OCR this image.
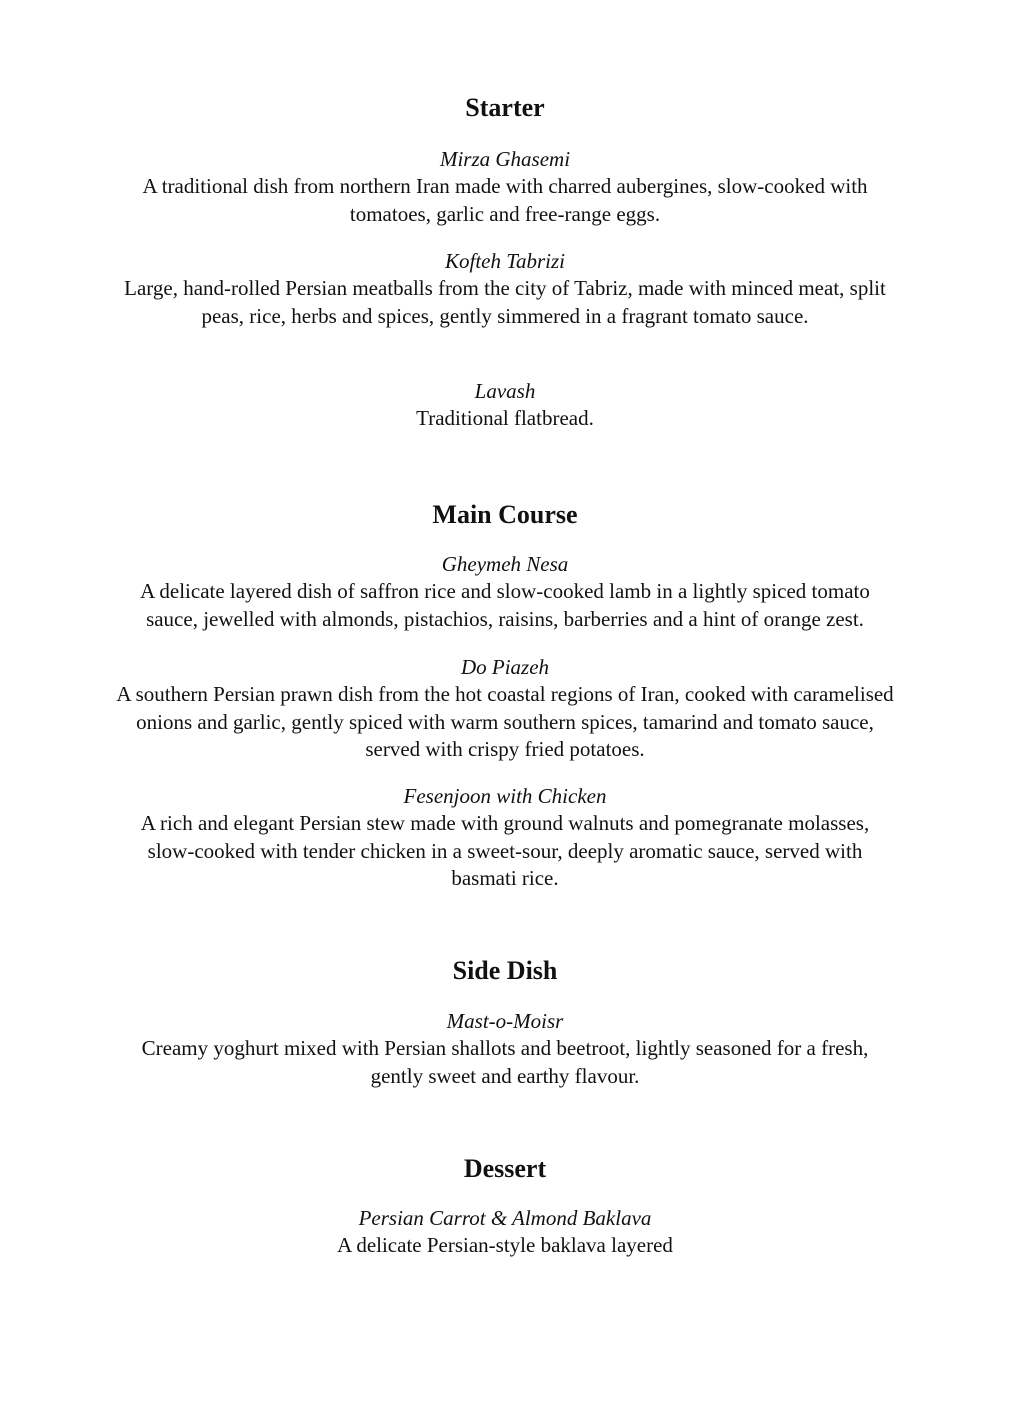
Starter
Mirza Ghasemi
A traditional dish from northern Iran made with charred aubergines, slow-cooked with
tomatoes, garlic and free-range eggs.
Kofteh Tabrizi
Large, hand-rolled Persian meatballs from the city of Tabriz, made with minced meat, split
peas, rice, herbs and spices, gently simmered in a fragrant tomato sauce.
Lavash
Traditional flatbread.
Main Course
Gheymeh Nesa
A delicate layered dish of saffron rice and slow-cooked lamb in a lightly spiced tomato
sauce, jewelled with almonds, pistachios, raisins, barberries and a hint of orange zest.
Do Piazeh
A southern Persian prawn dish from the hot coastal regions of Iran, cooked with caramelised
onions and garlic, gently spiced with warm southern spices, tamarind and tomato sauce,
served with crispy fried potatoes.
Fesenjoon with Chicken
A rich and elegant Persian stew made with ground walnuts and pomegranate molasses,
slow-cooked with tender chicken in a sweet-sour, deeply aromatic sauce, served with
basmati rice.
Side Dish
Mast-o-Moisr
Creamy yoghurt mixed with Persian shallots and beetroot, lightly seasoned for a fresh,
gently sweet and earthy flavour.
Dessert
Persian Carrot & Almond Baklava
A delicate Persian-style baklava layered
